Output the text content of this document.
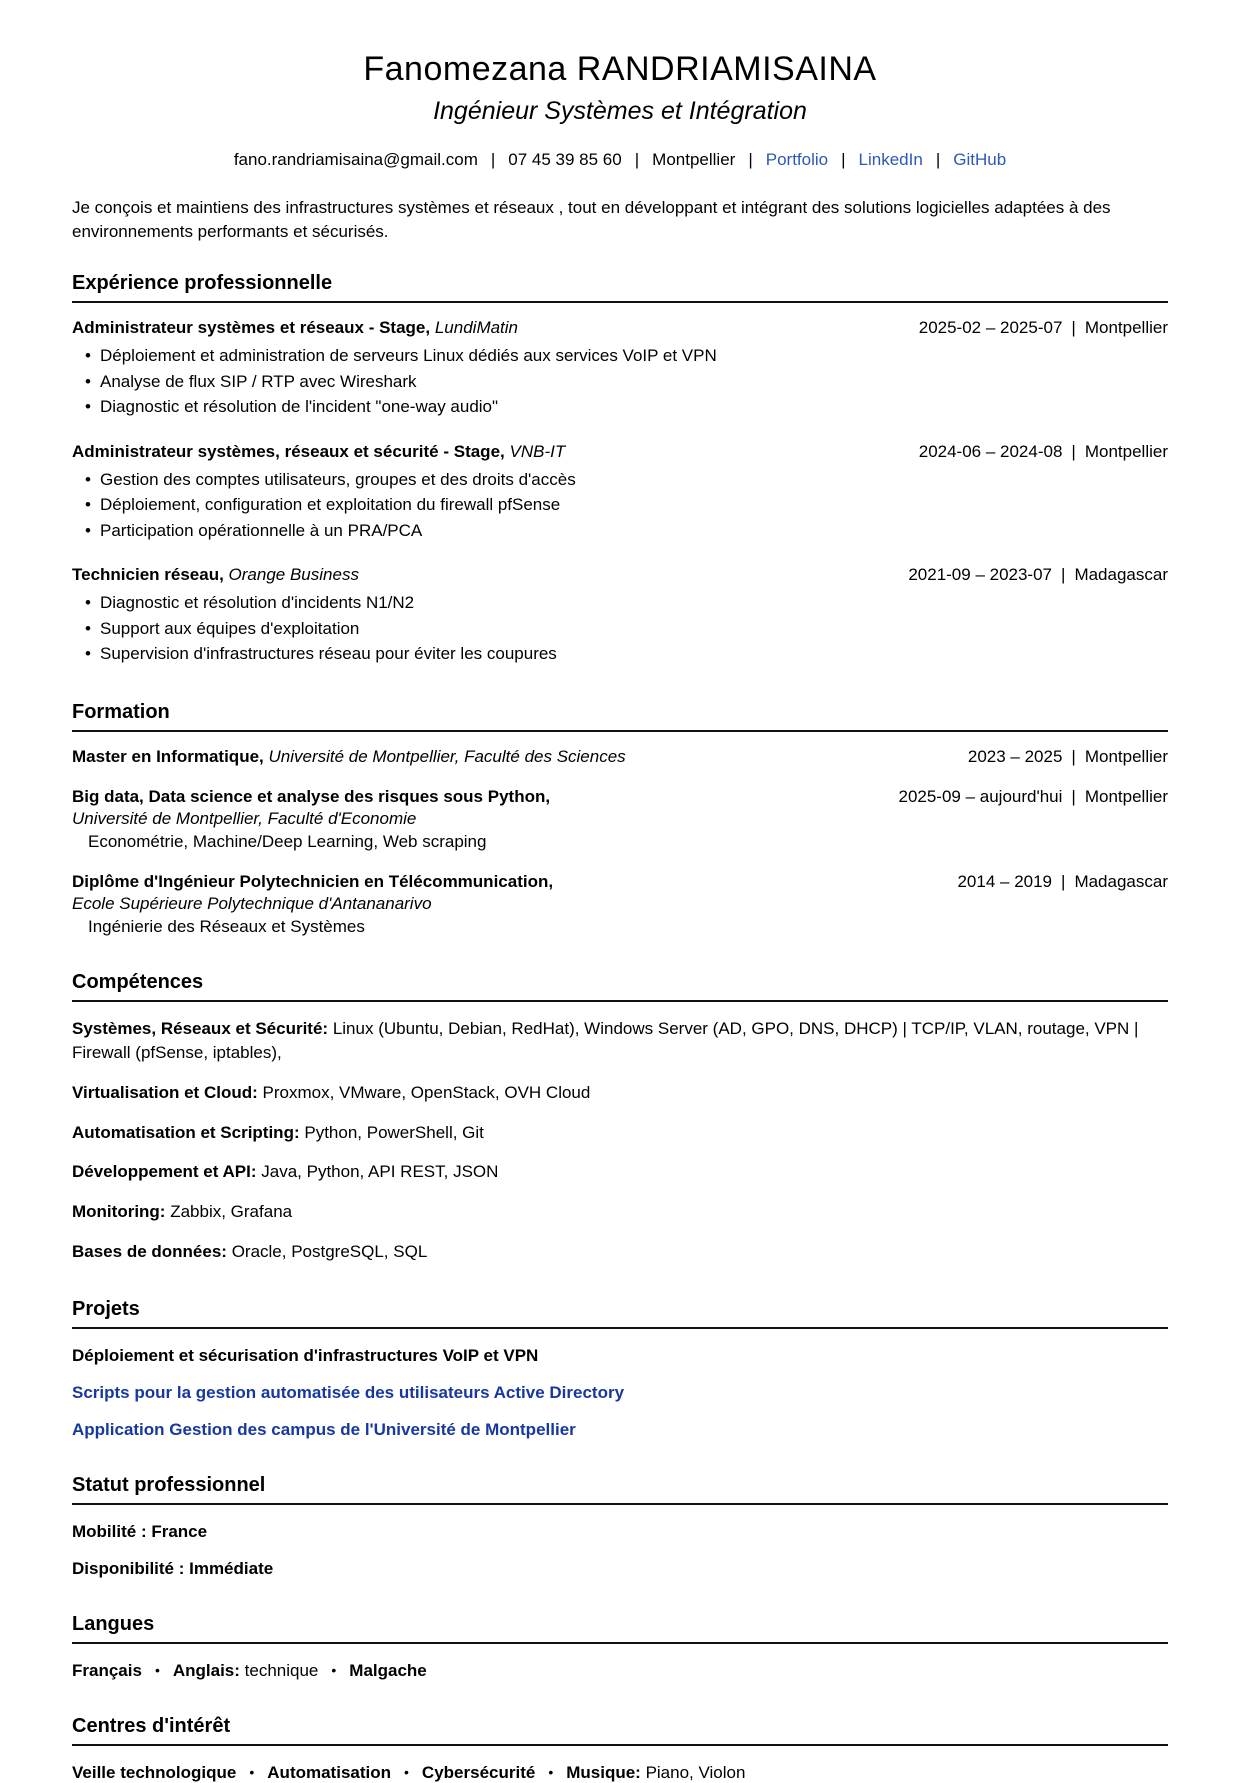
Fanomezana RANDRIAMISAINA
Ingénieur Systèmes et Intégration
fano.randriamisaina@gmail.com | 07 45 39 85 60 | Montpellier | Portfolio | LinkedIn | GitHub
Je conçois et maintiens des infrastructures systèmes et réseaux , tout en développant et intégrant des solutions logicielles adaptées à des environnements performants et sécurisés.
Expérience professionnelle
Administrateur systèmes et réseaux - Stage, LundiMatin	2025-02 – 2025-07 | Montpellier
• Déploiement et administration de serveurs Linux dédiés aux services VoIP et VPN
• Analyse de flux SIP / RTP avec Wireshark
• Diagnostic et résolution de l'incident "one-way audio"
Administrateur systèmes, réseaux et sécurité - Stage, VNB-IT	2024-06 – 2024-08 | Montpellier
• Gestion des comptes utilisateurs, groupes et des droits d'accès
• Déploiement, configuration et exploitation du firewall pfSense
• Participation opérationnelle à un PRA/PCA
Technicien réseau, Orange Business	2021-09 – 2023-07 | Madagascar
• Diagnostic et résolution d'incidents N1/N2
• Support aux équipes d'exploitation
• Supervision d'infrastructures réseau pour éviter les coupures
Formation
Master en Informatique, Université de Montpellier, Faculté des Sciences	2023 – 2025 | Montpellier
Big data, Data science et analyse des risques sous Python,	2025-09 – aujourd'hui | Montpellier
Université de Montpellier, Faculté d'Economie
Econométrie, Machine/Deep Learning, Web scraping
Diplôme d'Ingénieur Polytechnicien en Télécommunication,	2014 – 2019 | Madagascar
Ecole Supérieure Polytechnique d'Antananarivo
Ingénierie des Réseaux et Systèmes
Compétences
Systèmes, Réseaux et Sécurité: Linux (Ubuntu, Debian, RedHat), Windows Server (AD, GPO, DNS, DHCP) | TCP/IP, VLAN, routage, VPN | Firewall (pfSense, iptables),
Virtualisation et Cloud: Proxmox, VMware, OpenStack, OVH Cloud
Automatisation et Scripting: Python, PowerShell, Git
Développement et API: Java, Python, API REST, JSON
Monitoring: Zabbix, Grafana
Bases de données: Oracle, PostgreSQL, SQL
Projets
Déploiement et sécurisation d'infrastructures VoIP et VPN
Scripts pour la gestion automatisée des utilisateurs Active Directory
Application Gestion des campus de l'Université de Montpellier
Statut professionnel
Mobilité : France
Disponibilité : Immédiate
Langues
Français • Anglais: technique • Malgache
Centres d'intérêt
Veille technologique • Automatisation • Cybersécurité • Musique: Piano, Violon
